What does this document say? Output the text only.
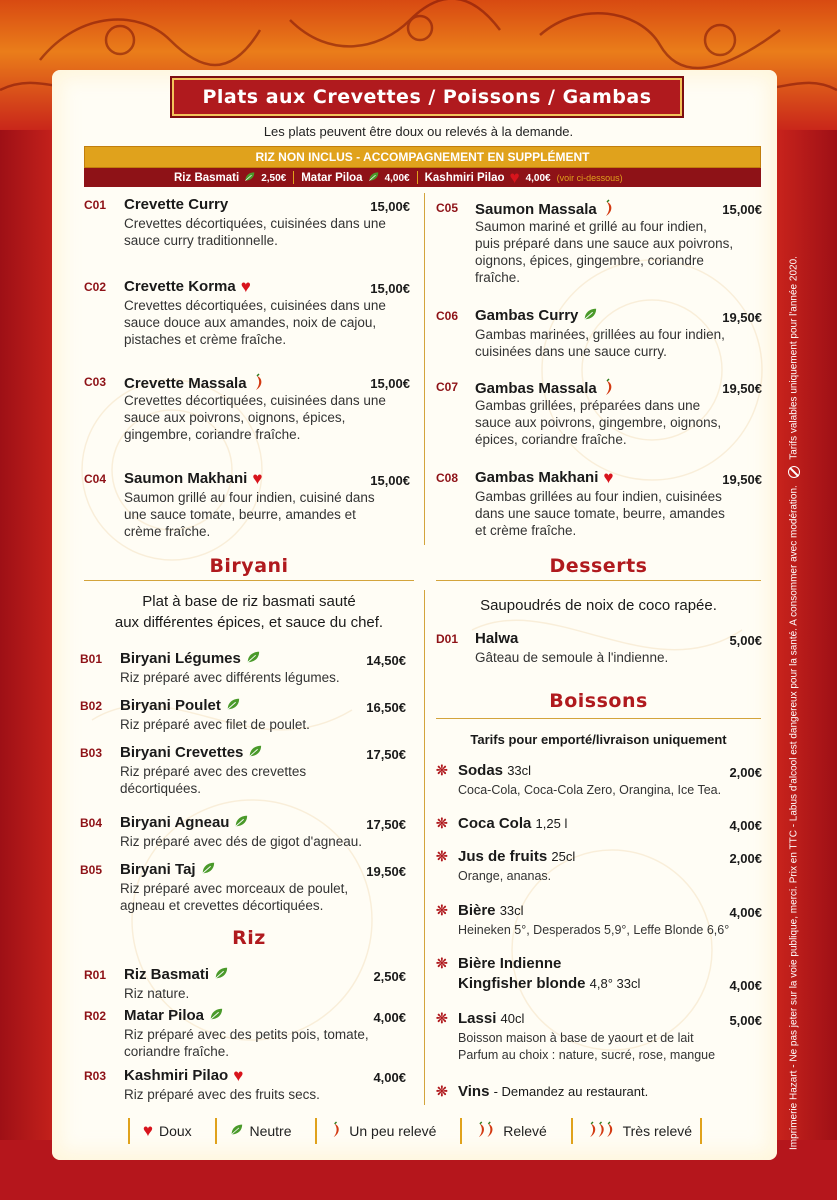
Imprimerie Hazart - Ne pas jeter sur la voie publique, merci. Prix en TTC - Labus d'alcool est dangereux pour la santé. A consommer avec modération.  Tarifs valables uniquement pour l'année 2020.
Plats aux Crevettes / Poissons / Gambas
Les plats peuvent être doux ou relevés à la demande.
RIZ NON INCLUS - ACCOMPAGNEMENT EN SUPPLÉMENT
Riz Basmati 2,50€ Matar Piloa 4,00€ Kashmiri Pilao ♥ 4,00€ (voir ci-dessous)
C01 Crevette Curry	15,00€
Crevettes décortiquées, cuisinées dans une
sauce curry traditionnelle.
C02 Crevette Korma ♥	15,00€
Crevettes décortiquées, cuisinées dans une
sauce douce aux amandes, noix de cajou,
pistaches et crème fraîche.
C03 Crevette Massala	15,00€
Crevettes décortiquées, cuisinées dans une
sauce aux poivrons, oignons, épices,
gingembre, coriandre fraîche.
C04 Saumon Makhani ♥	15,00€
Saumon grillé au four indien, cuisiné dans
une sauce tomate, beurre, amandes et
crème fraîche.
C05 Saumon Massala	15,00€
Saumon mariné et grillé au four indien,
puis préparé dans une sauce aux poivrons,
oignons, épices, gingembre, coriandre
fraîche.
C06 Gambas Curry	19,50€
Gambas marinées, grillées au four indien,
cuisinées dans une sauce curry.
C07 Gambas Massala	19,50€
Gambas grillées, préparées dans une
sauce aux poivrons, gingembre, oignons,
épices, coriandre fraîche.
C08 Gambas Makhani ♥	19,50€
Gambas grillées au four indien, cuisinées
dans une sauce tomate, beurre, amandes
et crème fraîche.
B01 Biryani Légumes	14,50€
Riz préparé avec différents légumes.
B02 Biryani Poulet	16,50€
Riz préparé avec filet de poulet.
B03 Biryani Crevettes	17,50€
Riz préparé avec des crevettes
décortiquées.
B04 Biryani Agneau	17,50€
Riz préparé avec dés de gigot d'agneau.
B05 Biryani Taj	19,50€
Riz préparé avec morceaux de poulet,
agneau et crevettes décortiquées.
R01 Riz Basmati	2,50€
Riz nature.
R02 Matar Piloa	4,00€
Riz préparé avec des petits pois, tomate,
coriandre fraîche.
R03 Kashmiri Pilao ♥	4,00€
Riz préparé avec des fruits secs.
D01 Halwa	5,00€
Gâteau de semoule à l'indienne.
❊ Sodas 33cl	2,00€
Coca-Cola, Coca-Cola Zero, Orangina, Ice Tea.
❊ Coca Cola 1,25 l	4,00€
❊ Jus de fruits 25cl	2,00€
Orange, ananas.
❊ Bière 33cl	4,00€
Heineken 5°, Desperados 5,9°, Leffe Blonde 6,6°
❊ Bière Indienne
Kingfisher blonde 4,8° 33cl	4,00€
❊ Lassi 40cl	5,00€
Boisson maison à base de yaourt et de lait
Parfum au choix : nature, sucré, rose, mangue
❊ Vins - Demandez au restaurant.
Biryani
Plat à base de riz basmati sauté
aux différentes épices, et sauce du chef.
Riz
Desserts
Saupoudrés de noix de coco rapée.
Boissons
Tarifs pour emporté/livraison uniquement
♥ Doux	Neutre	Un peu relevé	Relevé	Très relevé
